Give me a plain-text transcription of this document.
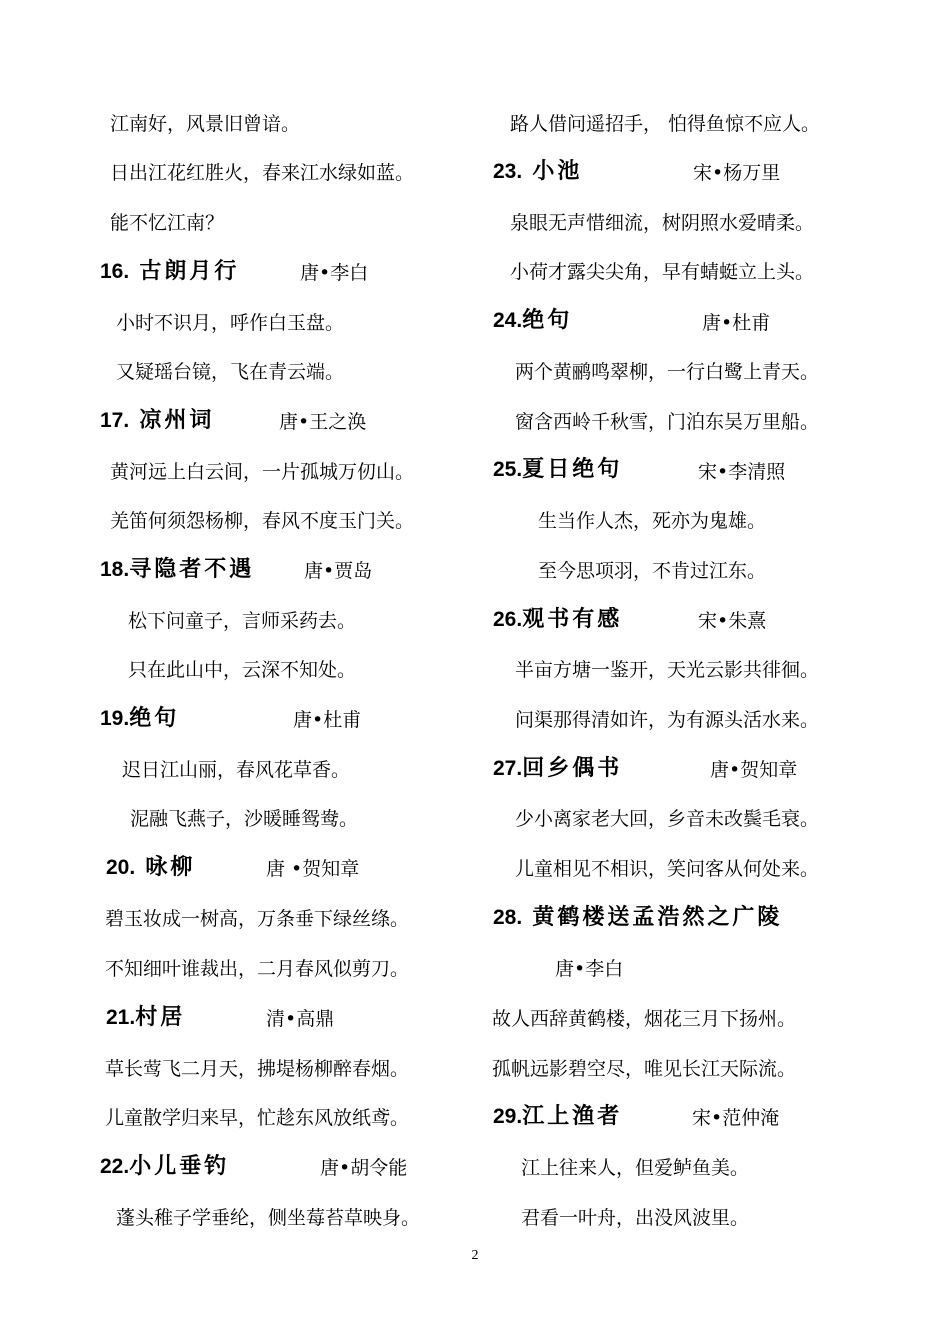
江南好，风景旧曾谙。
日出江花红胜火，春来江水绿如蓝。
能不忆江南？
16. 古朗月行	唐•李白
小时不识月，呼作白玉盘。
又疑瑶台镜，飞在青云端。
17. 凉州词	唐•王之涣
黄河远上白云间，一片孤城万仞山。
羌笛何须怨杨柳，春风不度玉门关。
18.寻隐者不遇	唐•贾岛
松下问童子，言师采药去。
只在此山中，云深不知处。
19.绝句	唐•杜甫
迟日江山丽，春风花草香。
泥融飞燕子，沙暖睡鸳鸯。
20. 咏柳	唐 •贺知章
碧玉妆成一树高，万条垂下绿丝绦。
不知细叶谁裁出，二月春风似剪刀。
21.村居	清•高鼎
草长莺飞二月天，拂堤杨柳醉春烟。
儿童散学归来早，忙趁东风放纸鸢。
22.小儿垂钓	唐•胡令能
蓬头稚子学垂纶，侧坐莓苔草映身。
路人借问遥招手， 怕得鱼惊不应人。
23. 小池	宋•杨万里
泉眼无声惜细流，树阴照水爱晴柔。
小荷才露尖尖角，早有蜻蜓立上头。
24.绝句	唐•杜甫
两个黄鹂鸣翠柳，一行白鹭上青天。
窗含西岭千秋雪，门泊东吴万里船。
25.夏日绝句	宋•李清照
生当作人杰，死亦为鬼雄。
至今思项羽，不肯过江东。
26.观书有感	宋•朱熹
半亩方塘一鉴开，天光云影共徘徊。
问渠那得清如许，为有源头活水来。
27.回乡偶书	唐•贺知章
少小离家老大回，乡音未改鬓毛衰。
儿童相见不相识，笑问客从何处来。
28. 黄鹤楼送孟浩然之广陵
唐•李白
故人西辞黄鹤楼，烟花三月下扬州。
孤帆远影碧空尽，唯见长江天际流。
29.江上渔者	宋•范仲淹
江上往来人，但爱鲈鱼美。
君看一叶舟，出没风波里。
2
